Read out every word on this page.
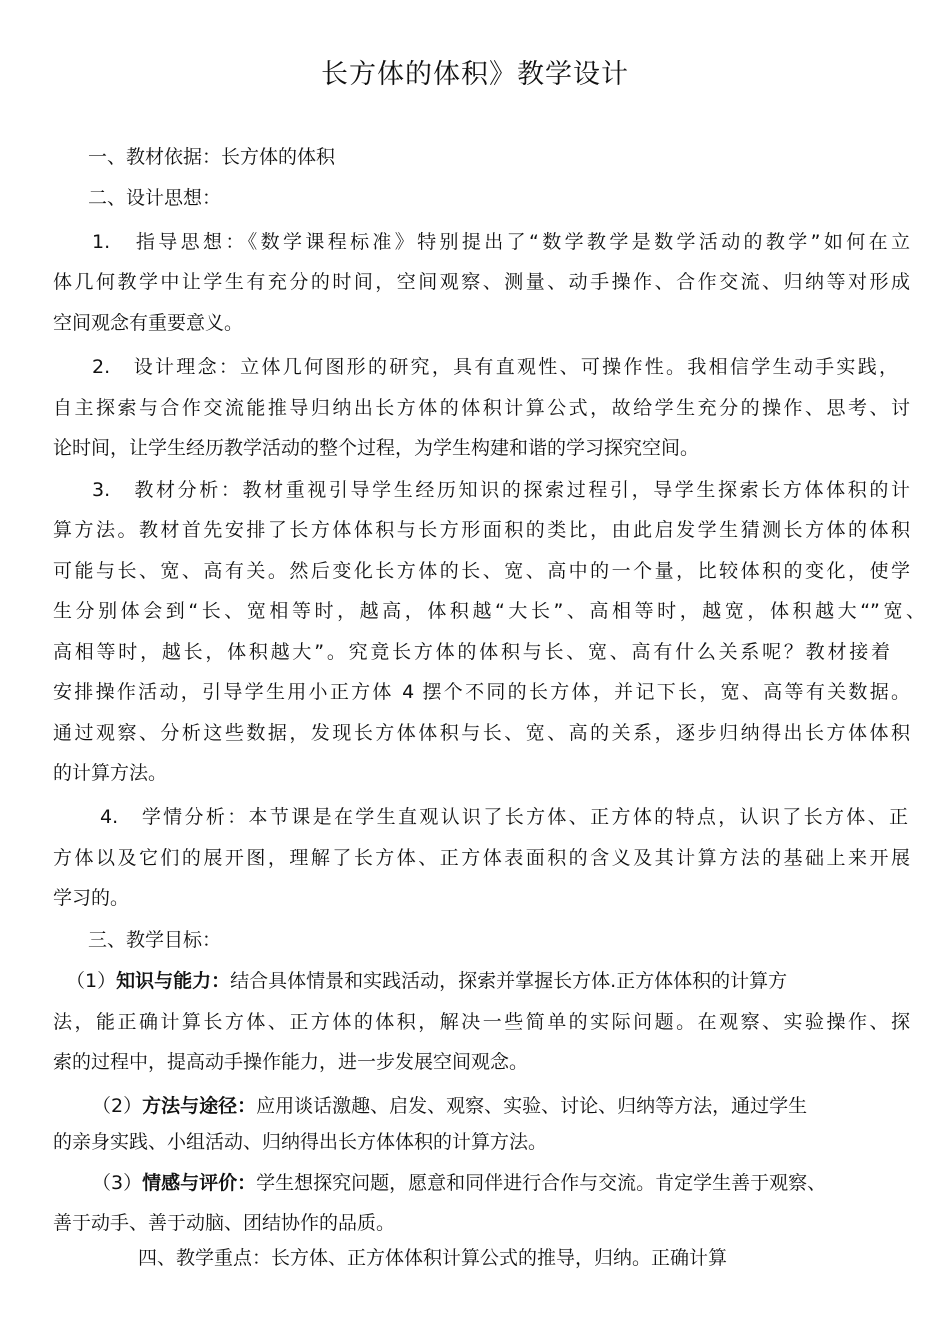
长方体的体积》教学设计
一、教材依据：长方体的体积
二、设计思想：
1.　指导思想：《数学课程标准》特别提出了“数学教学是数学活动的教学”如何在立
体几何教学中让学生有充分的时间，空间观察、测量、动手操作、合作交流、归纳等对形成
空间观念有重要意义。
2.　设计理念：立体几何图形的研究，具有直观性、可操作性。我相信学生动手实践，
自主探索与合作交流能推导归纳出长方体的体积计算公式，故给学生充分的操作、思考、讨
论时间，让学生经历教学活动的整个过程，为学生构建和谐的学习探究空间。
3.　教材分析：教材重视引导学生经历知识的探索过程引，导学生探索长方体体积的计
算方法。教材首先安排了长方体体积与长方形面积的类比，由此启发学生猜测长方体的体积
可能与长、宽、高有关。然后变化长方体的长、宽、高中的一个量，比较体积的变化，使学
生分别体会到“长、宽相等时，越高，体积越“大长”、高相等时，越宽，体积越大“”宽、
高相等时，越长，体积越大”。究竟长方体的体积与长、宽、高有什么关系呢？教材接着
安排操作活动，引导学生用小正方体 4 摆个不同的长方体，并记下长，宽、高等有关数据。
通过观察、分析这些数据，发现长方体体积与长、宽、高的关系，逐步归纳得出长方体体积
的计算方法。
4.　学情分析：本节课是在学生直观认识了长方体、正方体的特点，认识了长方体、正
方体以及它们的展开图，理解了长方体、正方体表面积的含义及其计算方法的基础上来开展
学习的。
三、教学目标：
（1）知识与能力：结合具体情景和实践活动，探索并掌握长方体.正方体体积的计算方
法，能正确计算长方体、正方体的体积，解决一些简单的实际问题。在观察、实验操作、探
索的过程中，提高动手操作能力，进一步发展空间观念。
（2）方法与途径：应用谈话激趣、启发、观察、实验、讨论、归纳等方法，通过学生
的亲身实践、小组活动、归纳得出长方体体积的计算方法。
（3）情感与评价：学生想探究问题，愿意和同伴进行合作与交流。肯定学生善于观察、
善于动手、善于动脑、团结协作的品质。
四、教学重点：长方体、正方体体积计算公式的推导，归纳。正确计算
